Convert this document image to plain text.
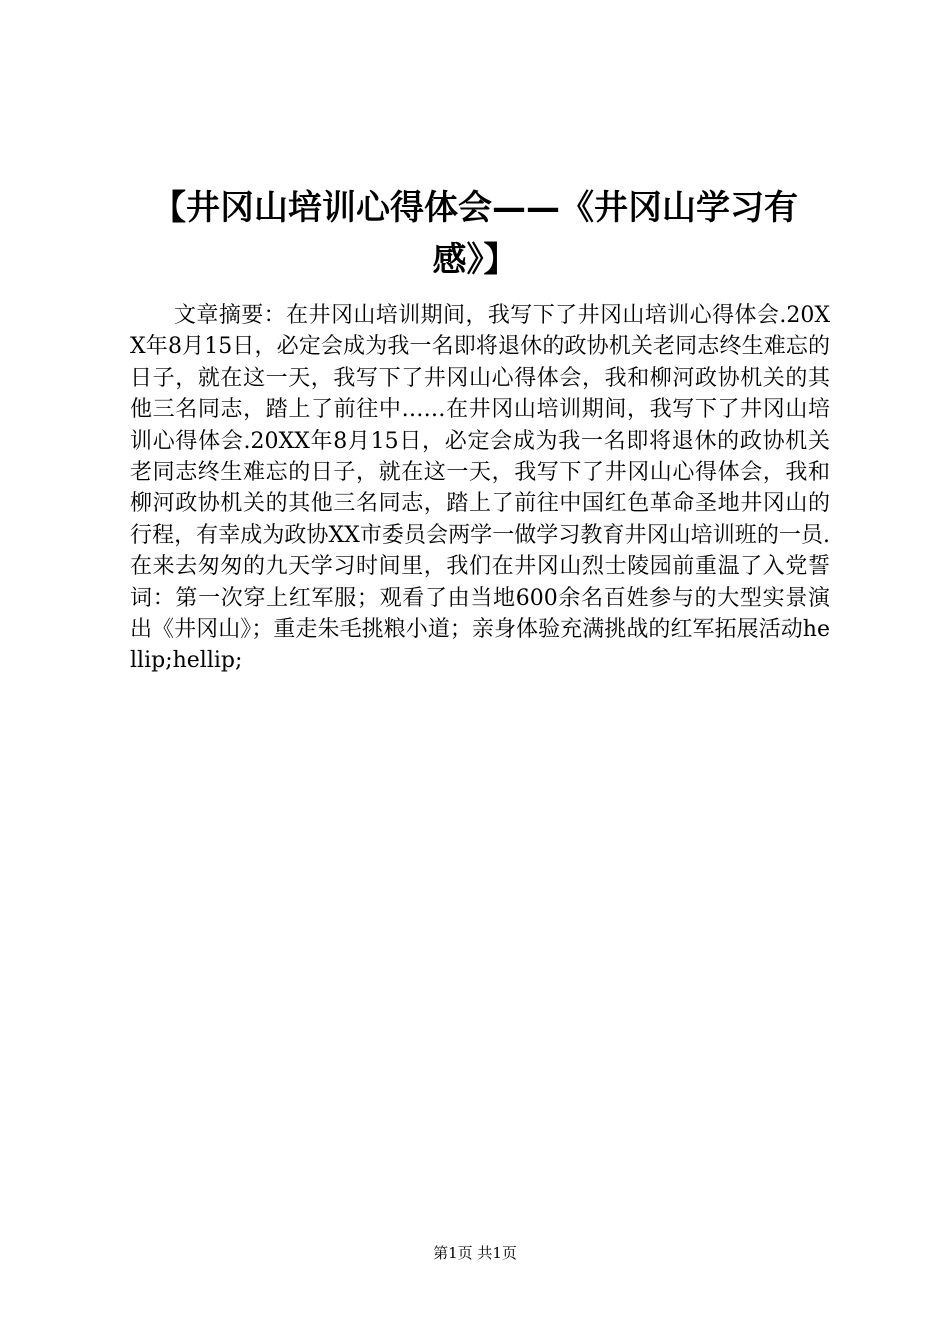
【井冈山培训心得体会——《井冈山学习有感》】

文章摘要：在井冈山培训期间，我写下了井冈山培训心得体会.20XX年8月15日，必定会成为我一名即将退休的政协机关老同志终生难忘的日子，就在这一天，我写下了井冈山心得体会，我和柳河政协机关的其他三名同志，踏上了前往中……在井冈山培训期间，我写下了井冈山培训心得体会.20XX年8月15日，必定会成为我一名即将退休的政协机关老同志终生难忘的日子，就在这一天，我写下了井冈山心得体会，我和柳河政协机关的其他三名同志，踏上了前往中国红色革命圣地井冈山的行程，有幸成为政协XX市委员会两学一做学习教育井冈山培训班的一员.在来去匆匆的九天学习时间里，我们在井冈山烈士陵园前重温了入党誓词：第一次穿上红军服；观看了由当地600余名百姓参与的大型实景演出《井冈山》；重走朱毛挑粮小道；亲身体验充满挑战的红军拓展活动hellip;hellip;

第1页 共1页
